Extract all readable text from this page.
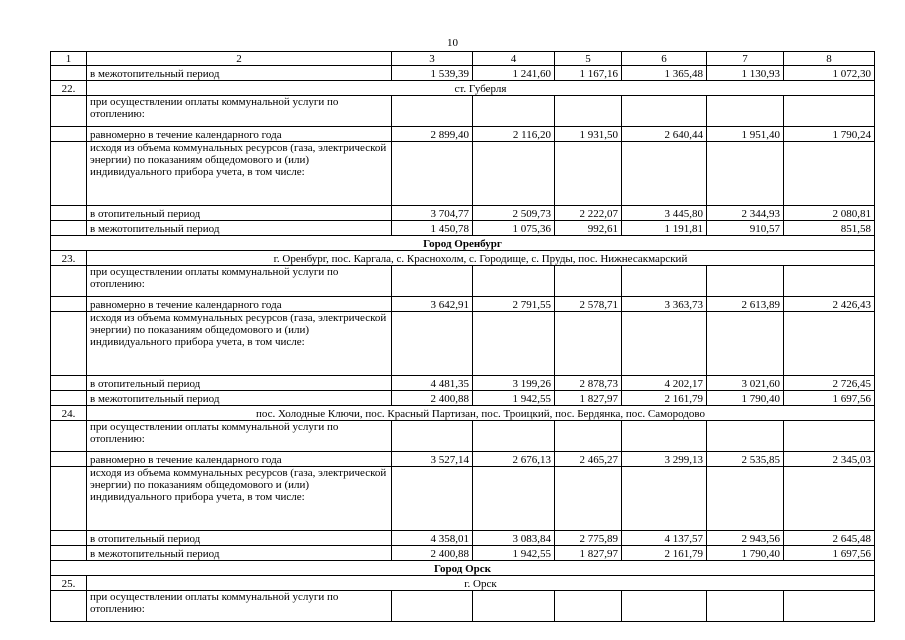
10
1	2	3	4	5	6	7	8
	в межотопительный период	1 539,39	1 241,60	1 167,16	1 365,48	1 130,93	1 072,30
22.	ст. Губерля						
	при осуществлении оплаты коммунальной услуги по отоплению:						
	равномерно в течение календарного года	2 899,40	2 116,20	1 931,50	2 640,44	1 951,40	1 790,24
	исходя из объема коммунальных ресурсов (газа, электрической энергии) по показаниям общедомового и (или) индивидуального прибора учета, в том числе:						
	в отопительный период	3 704,77	2 509,73	2 222,07	3 445,80	2 344,93	2 080,81
	в межотопительный период	1 450,78	1 075,36	992,61	1 191,81	910,57	851,58
Город Оренбург							
23.	г. Оренбург, пос. Каргала, с. Краснохолм, с. Городище, с. Пруды, пос. Нижнесакмарский						
	при осуществлении оплаты коммунальной услуги по отоплению:						
	равномерно в течение календарного года	3 642,91	2 791,55	2 578,71	3 363,73	2 613,89	2 426,43
	исходя из объема коммунальных ресурсов (газа, электрической энергии) по показаниям общедомового и (или) индивидуального прибора учета, в том числе:						
	в отопительный период	4 481,35	3 199,26	2 878,73	4 202,17	3 021,60	2 726,45
	в межотопительный период	2 400,88	1 942,55	1 827,97	2 161,79	1 790,40	1 697,56
24.	пос. Холодные Ключи, пос. Красный Партизан, пос. Троицкий, пос. Бердянка, пос. Самородово						
	при осуществлении оплаты коммунальной услуги по отоплению:						
	равномерно в течение календарного года	3 527,14	2 676,13	2 465,27	3 299,13	2 535,85	2 345,03
	исходя из объема коммунальных ресурсов (газа, электрической энергии) по показаниям общедомового и (или) индивидуального прибора учета, в том числе:						
	в отопительный период	4 358,01	3 083,84	2 775,89	4 137,57	2 943,56	2 645,48
	в межотопительный период	2 400,88	1 942,55	1 827,97	2 161,79	1 790,40	1 697,56
Город Орск							
25.	г. Орск						
	при осуществлении оплаты коммунальной услуги по отоплению:						
